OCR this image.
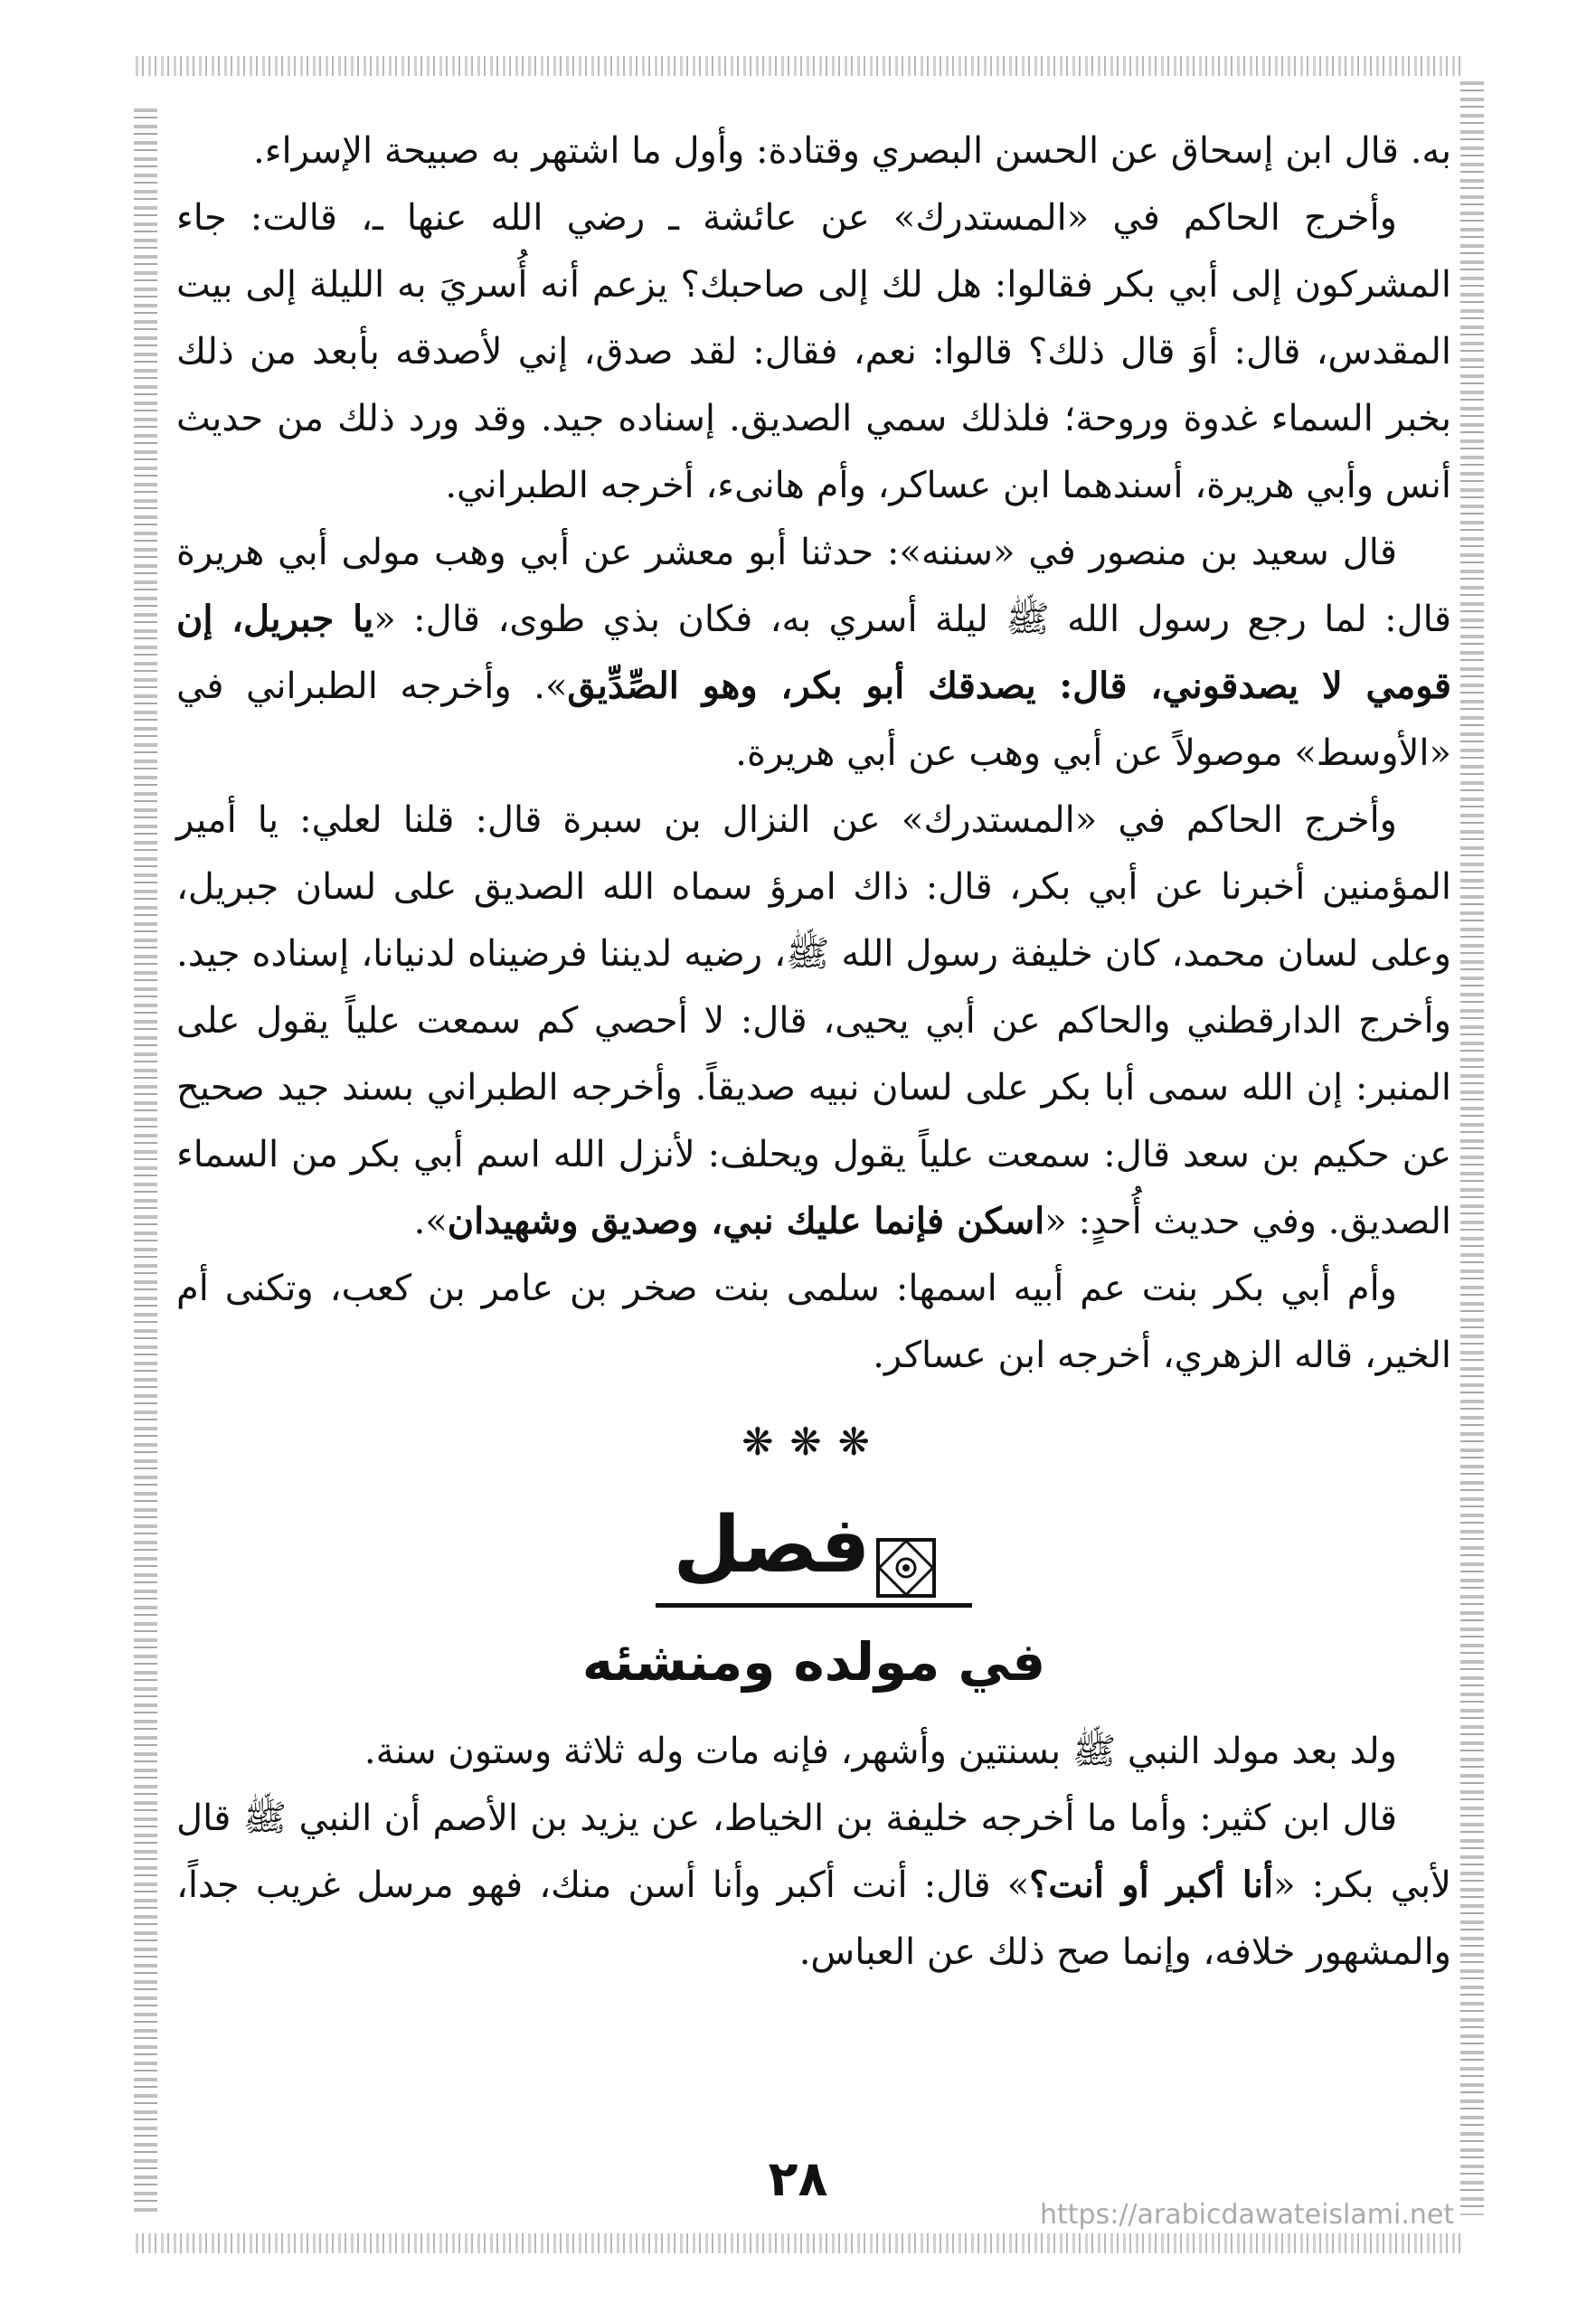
به. قال ابن إسحاق عن الحسن البصري وقتادة: وأول ما اشتهر به صبيحة الإسراء.

وأخرج الحاكم في «المستدرك» عن عائشة ـ رضي الله عنها ـ، قالت: جاء المشركون إلى أبي بكر فقالوا: هل لك إلى صاحبك؟ يزعم أنه أُسريَ به الليلة إلى بيت المقدس، قال: أوَ قال ذلك؟ قالوا: نعم، فقال: لقد صدق، إني لأصدقه بأبعد من ذلك بخبر السماء غدوة وروحة؛ فلذلك سمي الصديق. إسناده جيد. وقد ورد ذلك من حديث أنس وأبي هريرة، أسندهما ابن عساكر، وأم هانىء، أخرجه الطبراني.

قال سعيد بن منصور في «سننه»: حدثنا أبو معشر عن أبي وهب مولى أبي هريرة قال: لما رجع رسول الله ﷺ ليلة أسري به، فكان بذي طوى، قال: «يا جبريل، إن قومي لا يصدقوني، قال: يصدقك أبو بكر، وهو الصِّدِّيق». وأخرجه الطبراني في «الأوسط» موصولاً عن أبي وهب عن أبي هريرة.

وأخرج الحاكم في «المستدرك» عن النزال بن سبرة قال: قلنا لعلي: يا أمير المؤمنين أخبرنا عن أبي بكر، قال: ذاك امرؤ سماه الله الصديق على لسان جبريل، وعلى لسان محمد، كان خليفة رسول الله ﷺ، رضيه لديننا فرضيناه لدنيانا، إسناده جيد. وأخرج الدارقطني والحاكم عن أبي يحيى، قال: لا أحصي كم سمعت علياً يقول على المنبر: إن الله سمى أبا بكر على لسان نبيه صديقاً. وأخرجه الطبراني بسند جيد صحيح عن حكيم بن سعد قال: سمعت علياً يقول ويحلف: لأنزل الله اسم أبي بكر من السماء الصديق. وفي حديث أُحدٍ: «اسكن فإنما عليك نبي، وصديق وشهيدان».

وأم أبي بكر بنت عم أبيه اسمها: سلمى بنت صخر بن عامر بن كعب، وتكنى أم الخير، قاله الزهري، أخرجه ابن عساكر.

❋❋❋
فصل
في مولده ومنشئه

ولد بعد مولد النبي ﷺ بسنتين وأشهر، فإنه مات وله ثلاثة وستون سنة.

قال ابن كثير: وأما ما أخرجه خليفة بن الخياط، عن يزيد بن الأصم أن النبي ﷺ قال لأبي بكر: «أنا أكبر أو أنت؟» قال: أنت أكبر وأنا أسن منك، فهو مرسل غريب جداً، والمشهور خلافه، وإنما صح ذلك عن العباس.

٢٨
https://arabicdawateislami.net
